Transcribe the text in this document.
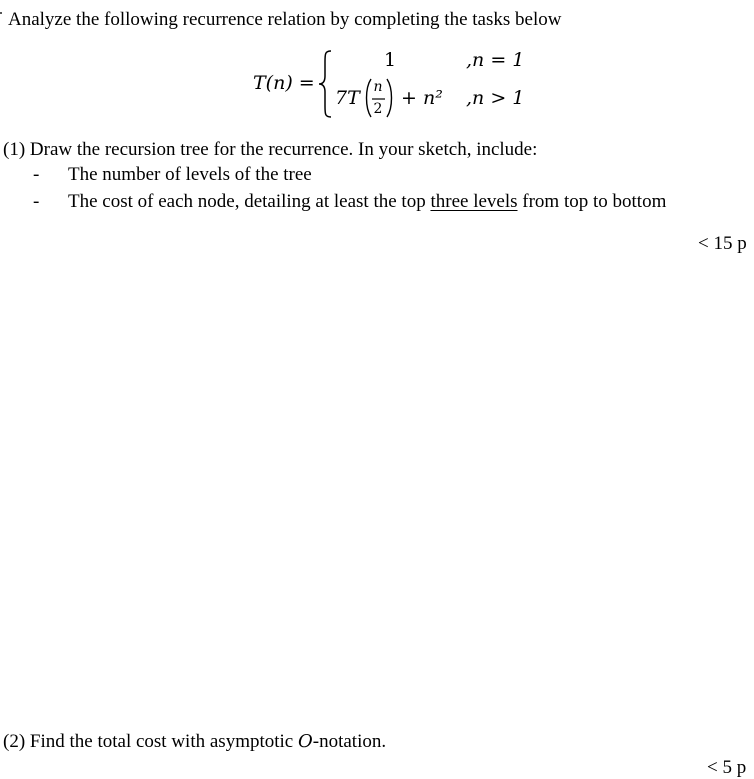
Analyze the following recurrence relation by completing the tasks below
T(n) =
1	,n = 1
7T n
2 + n² ,n > 1
(1) Draw the recursion tree for the recurrence. In your sketch, include:
- The number of levels of the tree
- The cost of each node, detailing at least the top three levels from top to bottom
< 15 p
(2) Find the total cost with asymptotic O-notation.
< 5 p
